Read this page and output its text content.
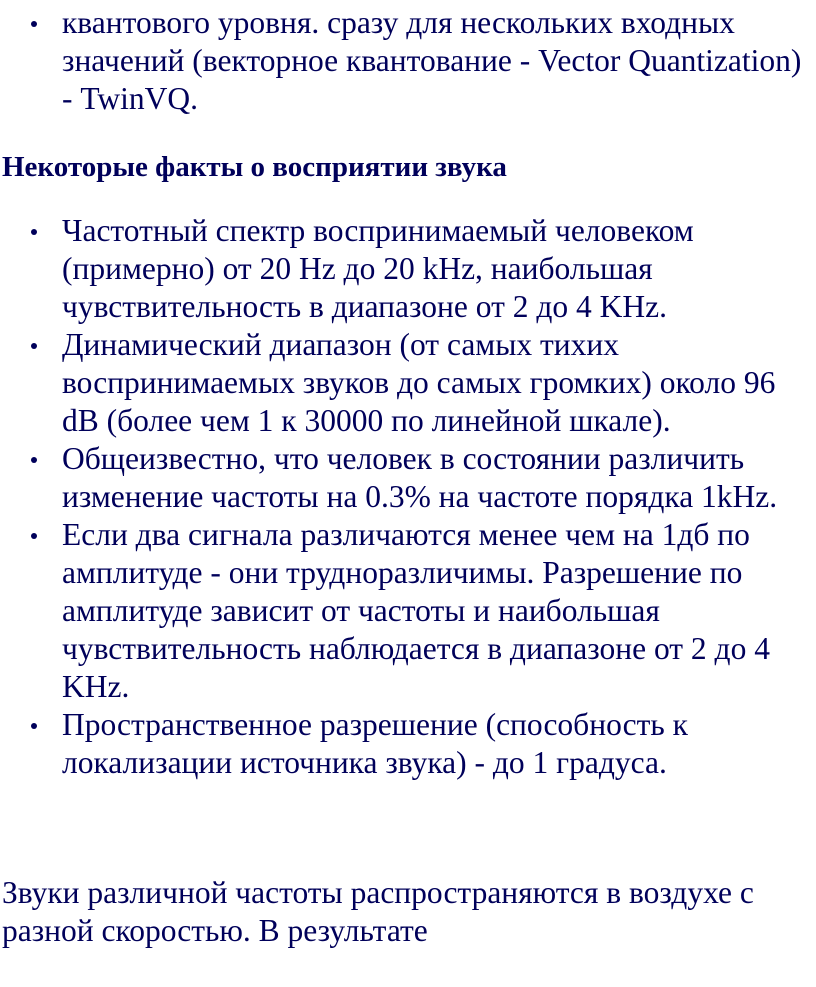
квантового уровня. сразу для нескольких входных значений (векторное квантование - Vector Quantization) - TwinVQ.
Некоторые факты о восприятии звука
Частотный спектр воспринимаемый человеком (примерно) от 20 Hz до 20 kHz, наибольшая чувствительность в диапазоне от 2 до 4 KHz.
Динамический диапазон (от самых тихих воспринимаемых звуков до самых громких) около 96 dB (более чем 1 к 30000 по линейной шкале).
Общеизвестно, что человек в состоянии различить изменение частоты на 0.3% на частоте порядка 1kHz.
Если два сигнала различаются менее чем на 1дб по амплитуде - они трудноразличимы. Разрешение по амплитуде зависит от частоты и наибольшая чувствительность наблюдается в диапазоне от 2 до 4 KHz.
Пространственное разрешение (способность к локализации источника звука) - до 1 градуса.

Звуки различной частоты распространяются в воздухе с разной скоростью. В результате
